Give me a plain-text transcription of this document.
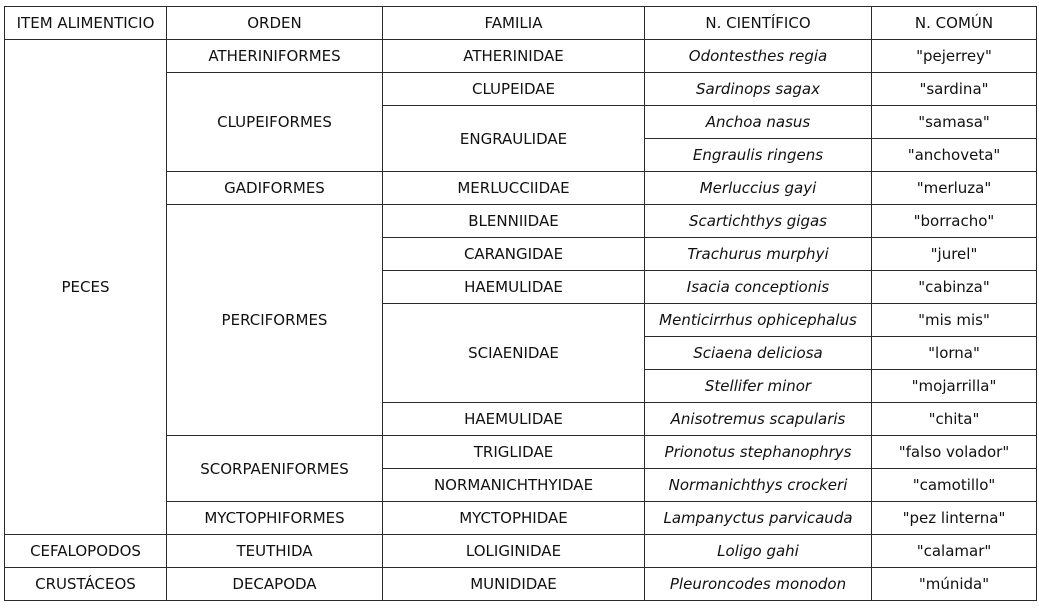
ITEM ALIMENTICIO	ORDEN	FAMILIA	N. CIENTÍFICO	N. COMÚN
PECES	ATHERINIFORMES	ATHERINIDAE	Odontesthes regia	"pejerrey"
	CLUPEIFORMES	CLUPEIDAE	Sardinops sagax	"sardina"
		ENGRAULIDAE	Anchoa nasus	"samasa"
			Engraulis ringens	"anchoveta"
	GADIFORMES	MERLUCCIIDAE	Merluccius gayi	"merluza"
	PERCIFORMES	BLENNIIDAE	Scartichthys gigas	"borracho"
		CARANGIDAE	Trachurus murphyi	"jurel"
		HAEMULIDAE	Isacia conceptionis	"cabinza"
		SCIAENIDAE	Menticirrhus ophicephalus	"mis mis"
			Sciaena deliciosa	"lorna"
			Stellifer minor	"mojarrilla"
		HAEMULIDAE	Anisotremus scapularis	"chita"
	SCORPAENIFORMES	TRIGLIDAE	Prionotus stephanophrys	"falso volador"
		NORMANICHTHYIDAE	Normanichthys crockeri	"camotillo"
	MYCTOPHIFORMES	MYCTOPHIDAE	Lampanyctus parvicauda	"pez linterna"
CEFALOPODOS	TEUTHIDA	LOLIGINIDAE	Loligo gahi	"calamar"
CRUSTÁCEOS	DECAPODA	MUNIDIDAE	Pleuroncodes monodon	"múnida"
